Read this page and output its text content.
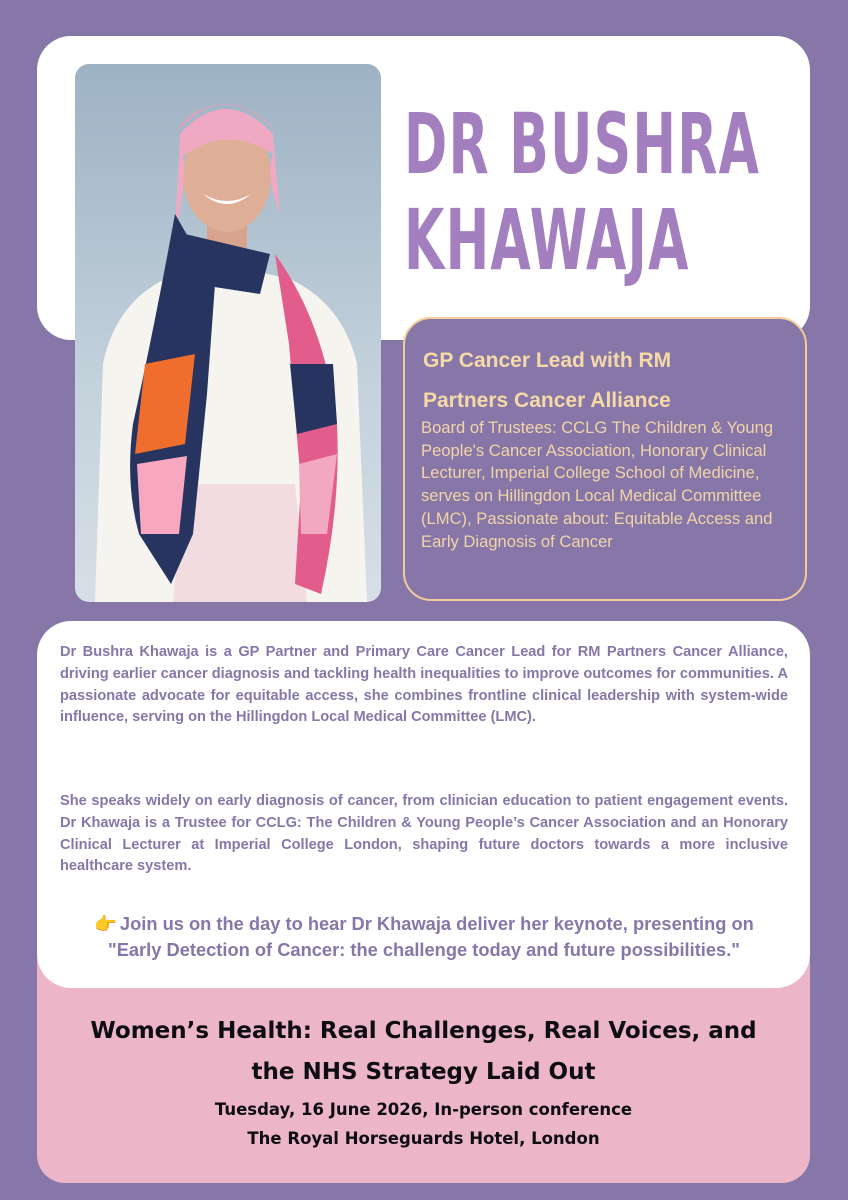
DR BUSHRA
KHAWAJA
GP Cancer Lead with RM
Partners Cancer Alliance
Board of Trustees: CCLG The Children & Young People's Cancer Association, Honorary Clinical Lecturer, Imperial College School of Medicine, serves on Hillingdon Local Medical Committee (LMC), Passionate about: Equitable Access and Early Diagnosis of Cancer

Dr Bushra Khawaja is a GP Partner and Primary Care Cancer Lead for RM Partners Cancer Alliance, driving earlier cancer diagnosis and tackling health inequalities to improve outcomes for communities. A passionate advocate for equitable access, she combines frontline clinical leadership with system-wide influence, serving on the Hillingdon Local Medical Committee (LMC).

She speaks widely on early diagnosis of cancer, from clinician education to patient engagement events. Dr Khawaja is a Trustee for CCLG: The Children & Young People’s Cancer Association and an Honorary Clinical Lecturer at Imperial College London, shaping future doctors towards a more inclusive healthcare system.

👉 Join us on the day to hear Dr Khawaja deliver her keynote, presenting on
"Early Detection of Cancer: the challenge today and future possibilities."
Women’s Health: Real Challenges, Real Voices, and
the NHS Strategy Laid Out
Tuesday, 16 June 2026, In-person conference
The Royal Horseguards Hotel, London
